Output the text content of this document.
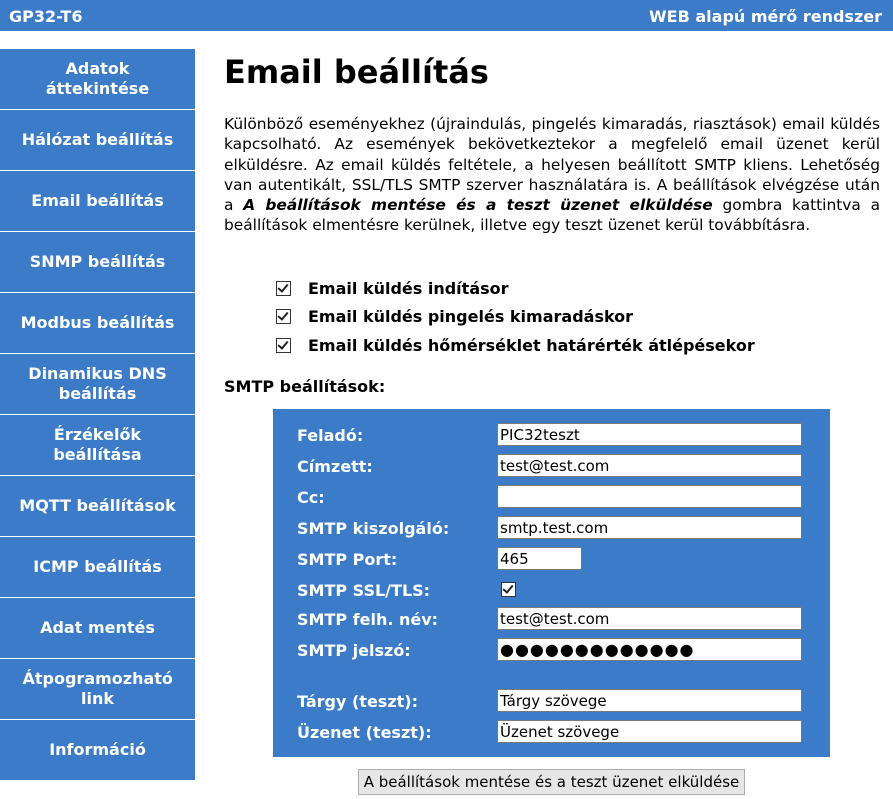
GP32-T6	WEB alapú mérő rendszer
Adatok áttekintése
Hálózat beállítás
Email beállítás
SNMP beállítás
Modbus beállítás
Dinamikus DNS beállítás
Érzékelők beállítása
MQTT beállítások
ICMP beállítás
Adat mentés
Átpogramozható link
Információ
Email beállítás

Különböző eseményekhez (újraindulás, pingelés kimaradás, riasztások) email küldés kapcsolható. Az események bekövetkeztekor a megfelelő email üzenet kerül elküldésre. Az email küldés feltétele, a helyesen beállított SMTP kliens. Lehetőség van autentikált, SSL/TLS SMTP szerver használatára is. A beállítások elvégzése után a A beállítások mentése és a teszt üzenet elküldése gombra kattintva a beállítások elmentésre kerülnek, illetve egy teszt üzenet kerül továbbításra.

Email küldés indításor
Email küldés pingelés kimaradáskor
Email küldés hőmérséklet határérték átlépésekor
SMTP beállítások:
Feladó:
PIC32teszt
Címzett:
test@test.com
Cc:
SMTP kiszolgáló:
smtp.test.com
SMTP Port:
465
SMTP SSL/TLS:
SMTP felh. név:
test@test.com
SMTP jelszó:	●●●●●●●●●●●●●
Tárgy (teszt):
Tárgy szövege
Üzenet (teszt):
Üzenet szövege
A beállítások mentése és a teszt üzenet elküldése
